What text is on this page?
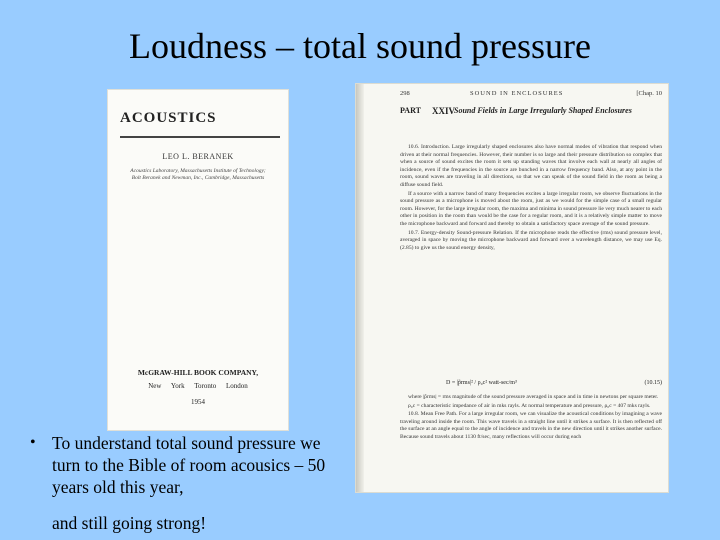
Loudness – total sound pressure
ACOUSTICS
LEO L. BERANEK
Acoustics Laboratory, Massachusetts Institute of Technology; Bolt Beranek and Newman, Inc., Cambridge, Massachusetts
McGRAW-HILL BOOK COMPANY,
New York Toronto London
1954
298	SOUND IN ENCLOSURES	[Chap. 10
PART XXIV
Sound Fields in Large Irregularly Shaped Enclosures

10.6. Introduction. Large irregularly shaped enclosures also have normal modes of vibration that respond when driven at their normal frequencies. However, their number is so large and their pressure distribution so complex that when a source of sound excites the room it sets up standing waves that involve each wall at nearly all angles of incidence, even if the frequencies in the source are bunched in a narrow frequency band. Also, at any point in the room, sound waves are traveling in all directions, so that we can speak of the sound field in the room as being a diffuse sound field.

If a source with a narrow band of many frequencies excites a large irregular room, we observe fluctuations in the sound pressure as a microphone is moved about the room, just as we would for the simple case of a small regular room. However, for the large irregular room, the maxima and minima in sound pressure lie very much nearer to each other in position in the room than would be the case for a regular room, and it is a relatively simple matter to move the microphone backward and forward and thereby to obtain a satisfactory space average of the sound pressure.

10.7. Energy-density Sound-pressure Relation. If the microphone reads the effective (rms) sound pressure level, averaged in space by moving the microphone backward and forward over a wavelength distance, we may use Eq. (2.85) to give us the sound energy density,

D = |p̃rms|² / ρ₀c² watt-sec/m³	(10.15)

where |p̃rms| = rms magnitude of the sound pressure averaged in space and in time in newtons per square meter.

ρ₀c = characteristic impedance of air in mks rayls. At normal temperature and pressure, ρ₀c = 407 mks rayls.

10.8. Mean Free Path. For a large irregular room, we can visualize the acoustical conditions by imagining a wave traveling around inside the room. This wave travels in a straight line until it strikes a surface. It is then reflected off the surface at an angle equal to the angle of incidence and travels in the new direction until it strikes another surface. Because sound travels about 1130 ft/sec, many reflections will occur during each

• To understand total sound pressure we turn to the Bible of room acousics – 50 years old this year,
and still going strong!
